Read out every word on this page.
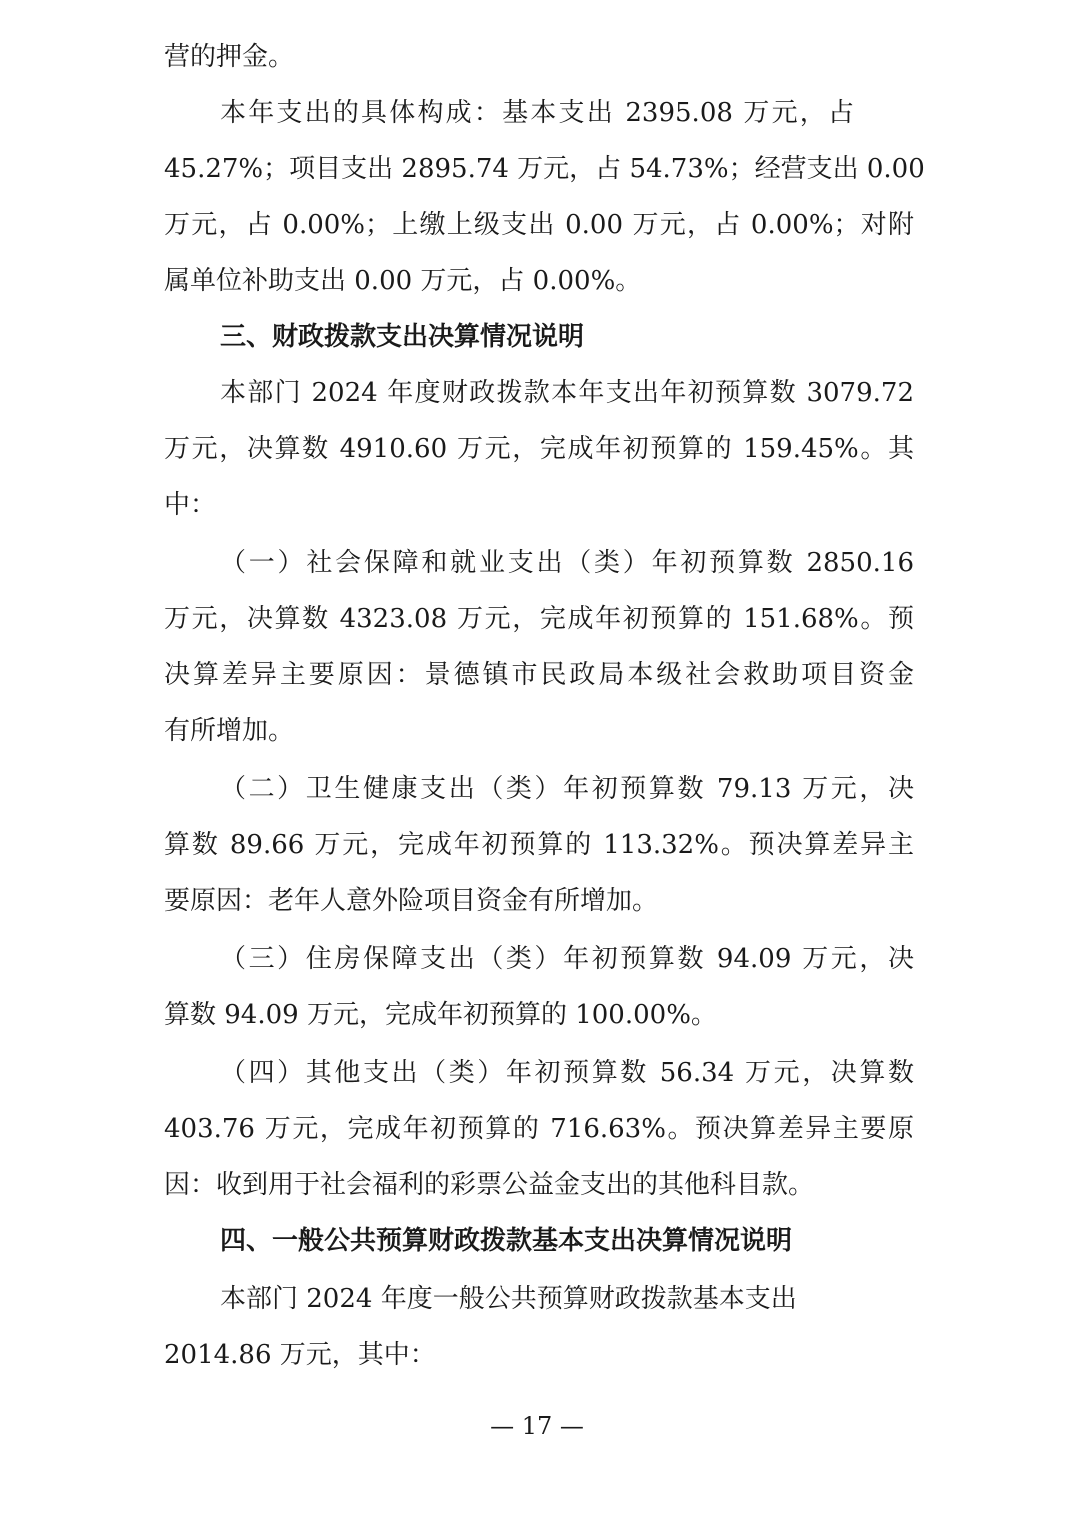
营的押金。
本年支出的具体构成：基本支出 2395.08 万元，占
45.27%；项目支出 2895.74 万元，占 54.73%；经营支出 0.00
万元，占 0.00%；上缴上级支出 0.00 万元，占 0.00%；对附
属单位补助支出 0.00 万元，占 0.00%。
三、财政拨款支出决算情况说明
本部门 2024 年度财政拨款本年支出年初预算数 3079.72
万元，决算数 4910.60 万元，完成年初预算的 159.45%。其
中：
（一）社会保障和就业支出（类）年初预算数 2850.16
万元，决算数 4323.08 万元，完成年初预算的 151.68%。预
决算差异主要原因：景德镇市民政局本级社会救助项目资金
有所增加。
（二）卫生健康支出（类）年初预算数 79.13 万元，决
算数 89.66 万元，完成年初预算的 113.32%。预决算差异主
要原因：老年人意外险项目资金有所增加。
（三）住房保障支出（类）年初预算数 94.09 万元，决
算数 94.09 万元，完成年初预算的 100.00%。
（四）其他支出（类）年初预算数 56.34 万元，决算数
403.76 万元，完成年初预算的 716.63%。预决算差异主要原
因：收到用于社会福利的彩票公益金支出的其他科目款。
四、一般公共预算财政拨款基本支出决算情况说明
本部门 2024 年度一般公共预算财政拨款基本支出
2014.86 万元，其中：
— 17 —
